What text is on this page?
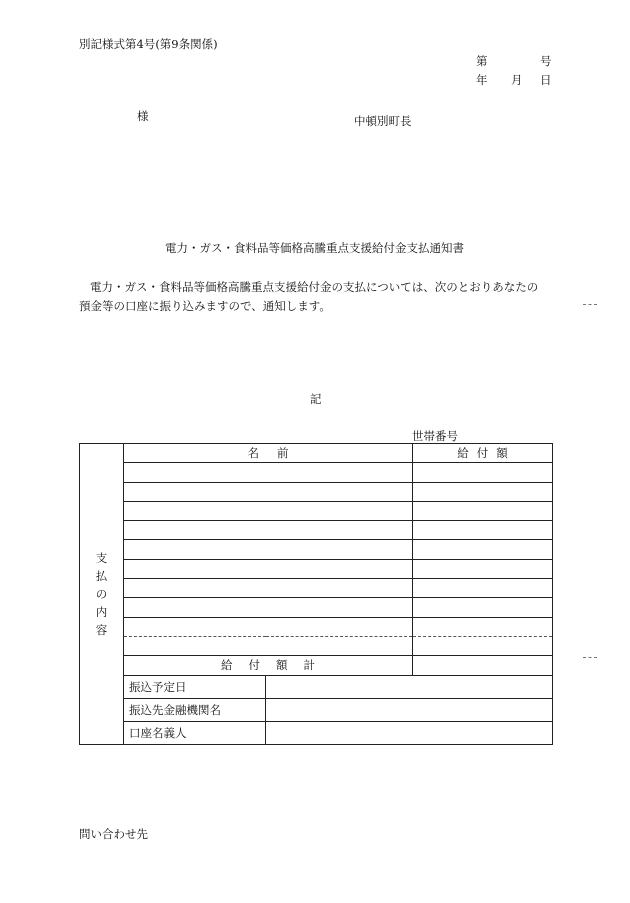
別記様式第4号(第9条関係)
第	号
年 月 日
様	中頓別町長
電力・ガス・食料品等価格高騰重点支援給付金支払通知書
電力・ガス・食料品等価格高騰重点支援給付金の支払については、次のとおりあなたの
預金等の口座に振り込みますので、通知します。
記
世帯番号
支払の内容	名前		給付額

	給付額計		
	振込予定日		
	振込先金融機関名		
	口座名義人		
問い合わせ先
